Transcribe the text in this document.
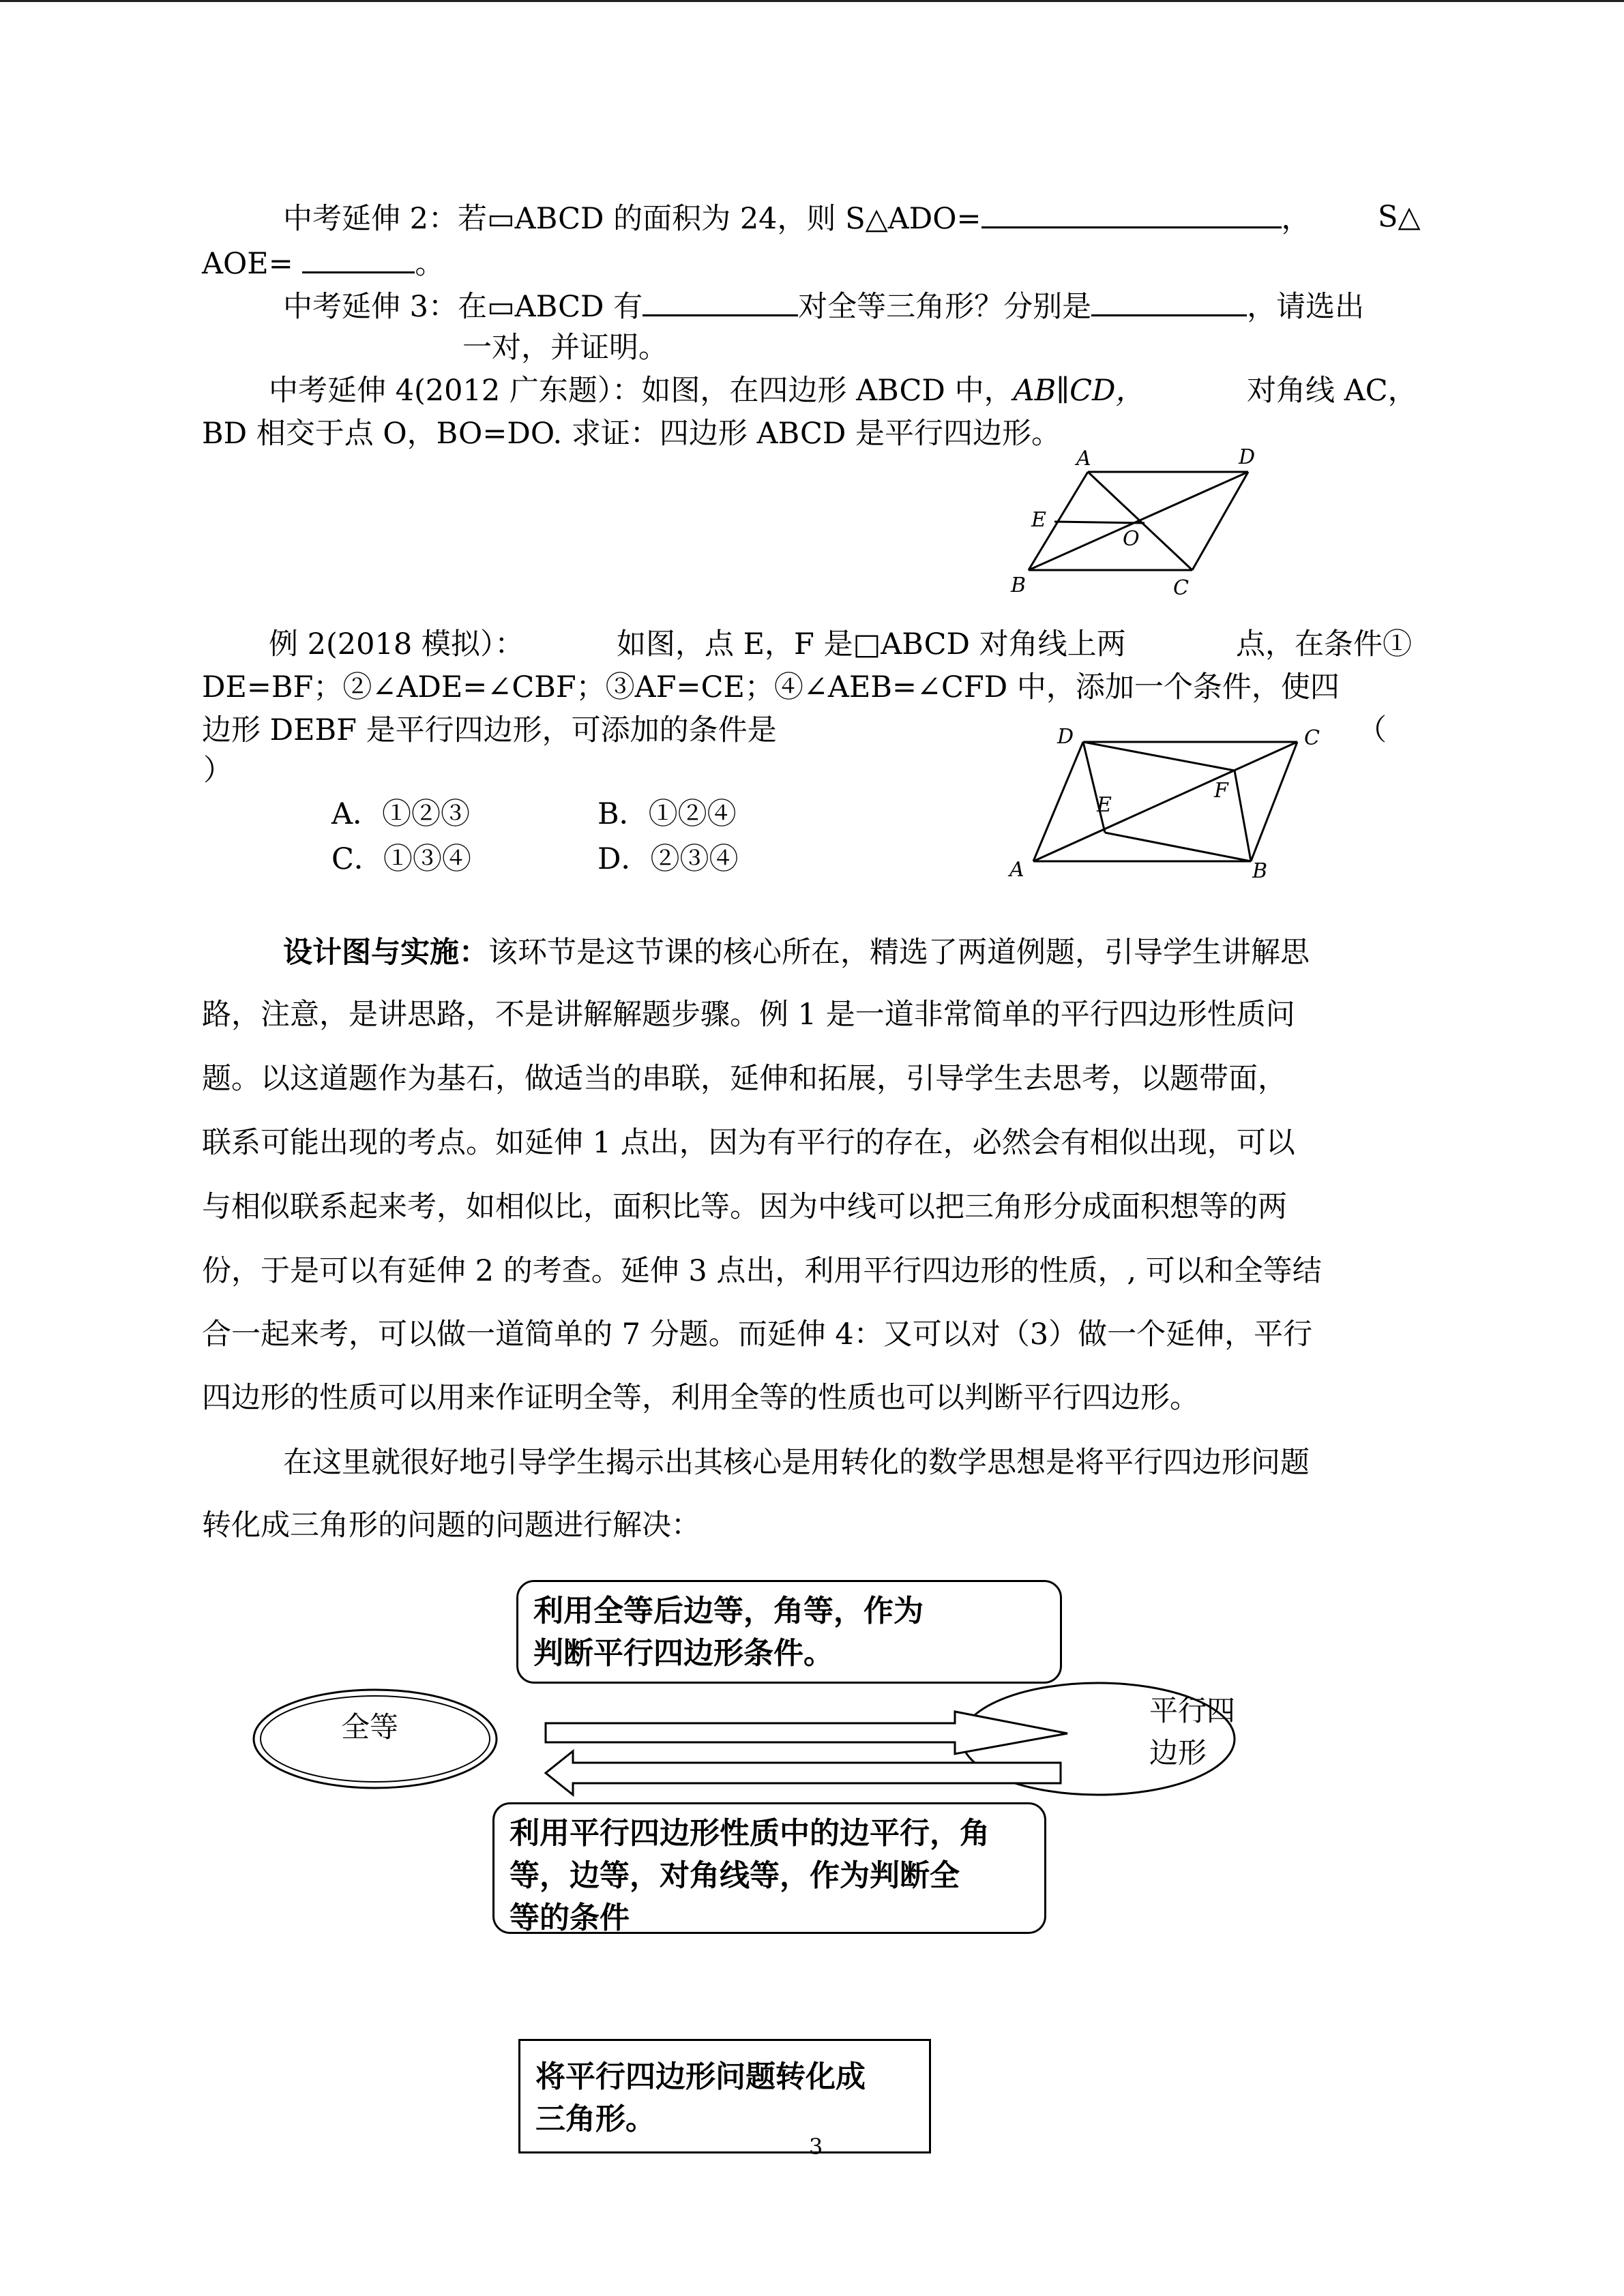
中考延伸 2：若▭ABCD 的面积为 24，则 S△ADO=	， S△
AOE=	。
中考延伸 3：在▭ABCD 有	对全等三角形？分别是	，请选出
一对，并证明。
中考延伸 4(2012 广东题）：如图，在四边形 ABCD 中，AB∥CD，	对角线 AC，
BD 相交于点 O，BO=DO. 求证：四边形 ABCD 是平行四边形。
A	D
E
O
B	C
例 2(2018 模拟）：	如图，点 E，F 是□ABCD 对角线上两	点，在条件①
DE=BF；②∠ADE=∠CBF；③AF=CE；④∠AEB=∠CFD 中，添加一个条件，使四
边形 DEBF 是平行四边形，可添加的条件是	（
）
A．①②③	B．①②④
C．①③④	D．②③④
D	C
E
F
A	B
设计图与实施：该环节是这节课的核心所在，精选了两道例题，引导学生讲解思
路，注意，是讲思路，不是讲解解题步骤。例 1 是一道非常简单的平行四边形性质问
题。以这道题作为基石，做适当的串联，延伸和拓展，引导学生去思考，以题带面，
联系可能出现的考点。如延伸 1 点出，因为有平行的存在，必然会有相似出现，可以
与相似联系起来考，如相似比，面积比等。因为中线可以把三角形分成面积想等的两
份，于是可以有延伸 2 的考查。延伸 3 点出，利用平行四边形的性质，, 可以和全等结
合一起来考，可以做一道简单的 7 分题。而延伸 4：又可以对（3）做一个延伸，平行
四边形的性质可以用来作证明全等，利用全等的性质也可以判断平行四边形。
在这里就很好地引导学生揭示出其核心是用转化的数学思想是将平行四边形问题
转化成三角形的问题的问题进行解决：
利用全等后边等，角等，作为
判断平行四边形条件。
全等	平行四
边形
利用平行四边形性质中的边平行，角
等，边等，对角线等，作为判断全
等的条件
将平行四边形问题转化成
三角形。
3
